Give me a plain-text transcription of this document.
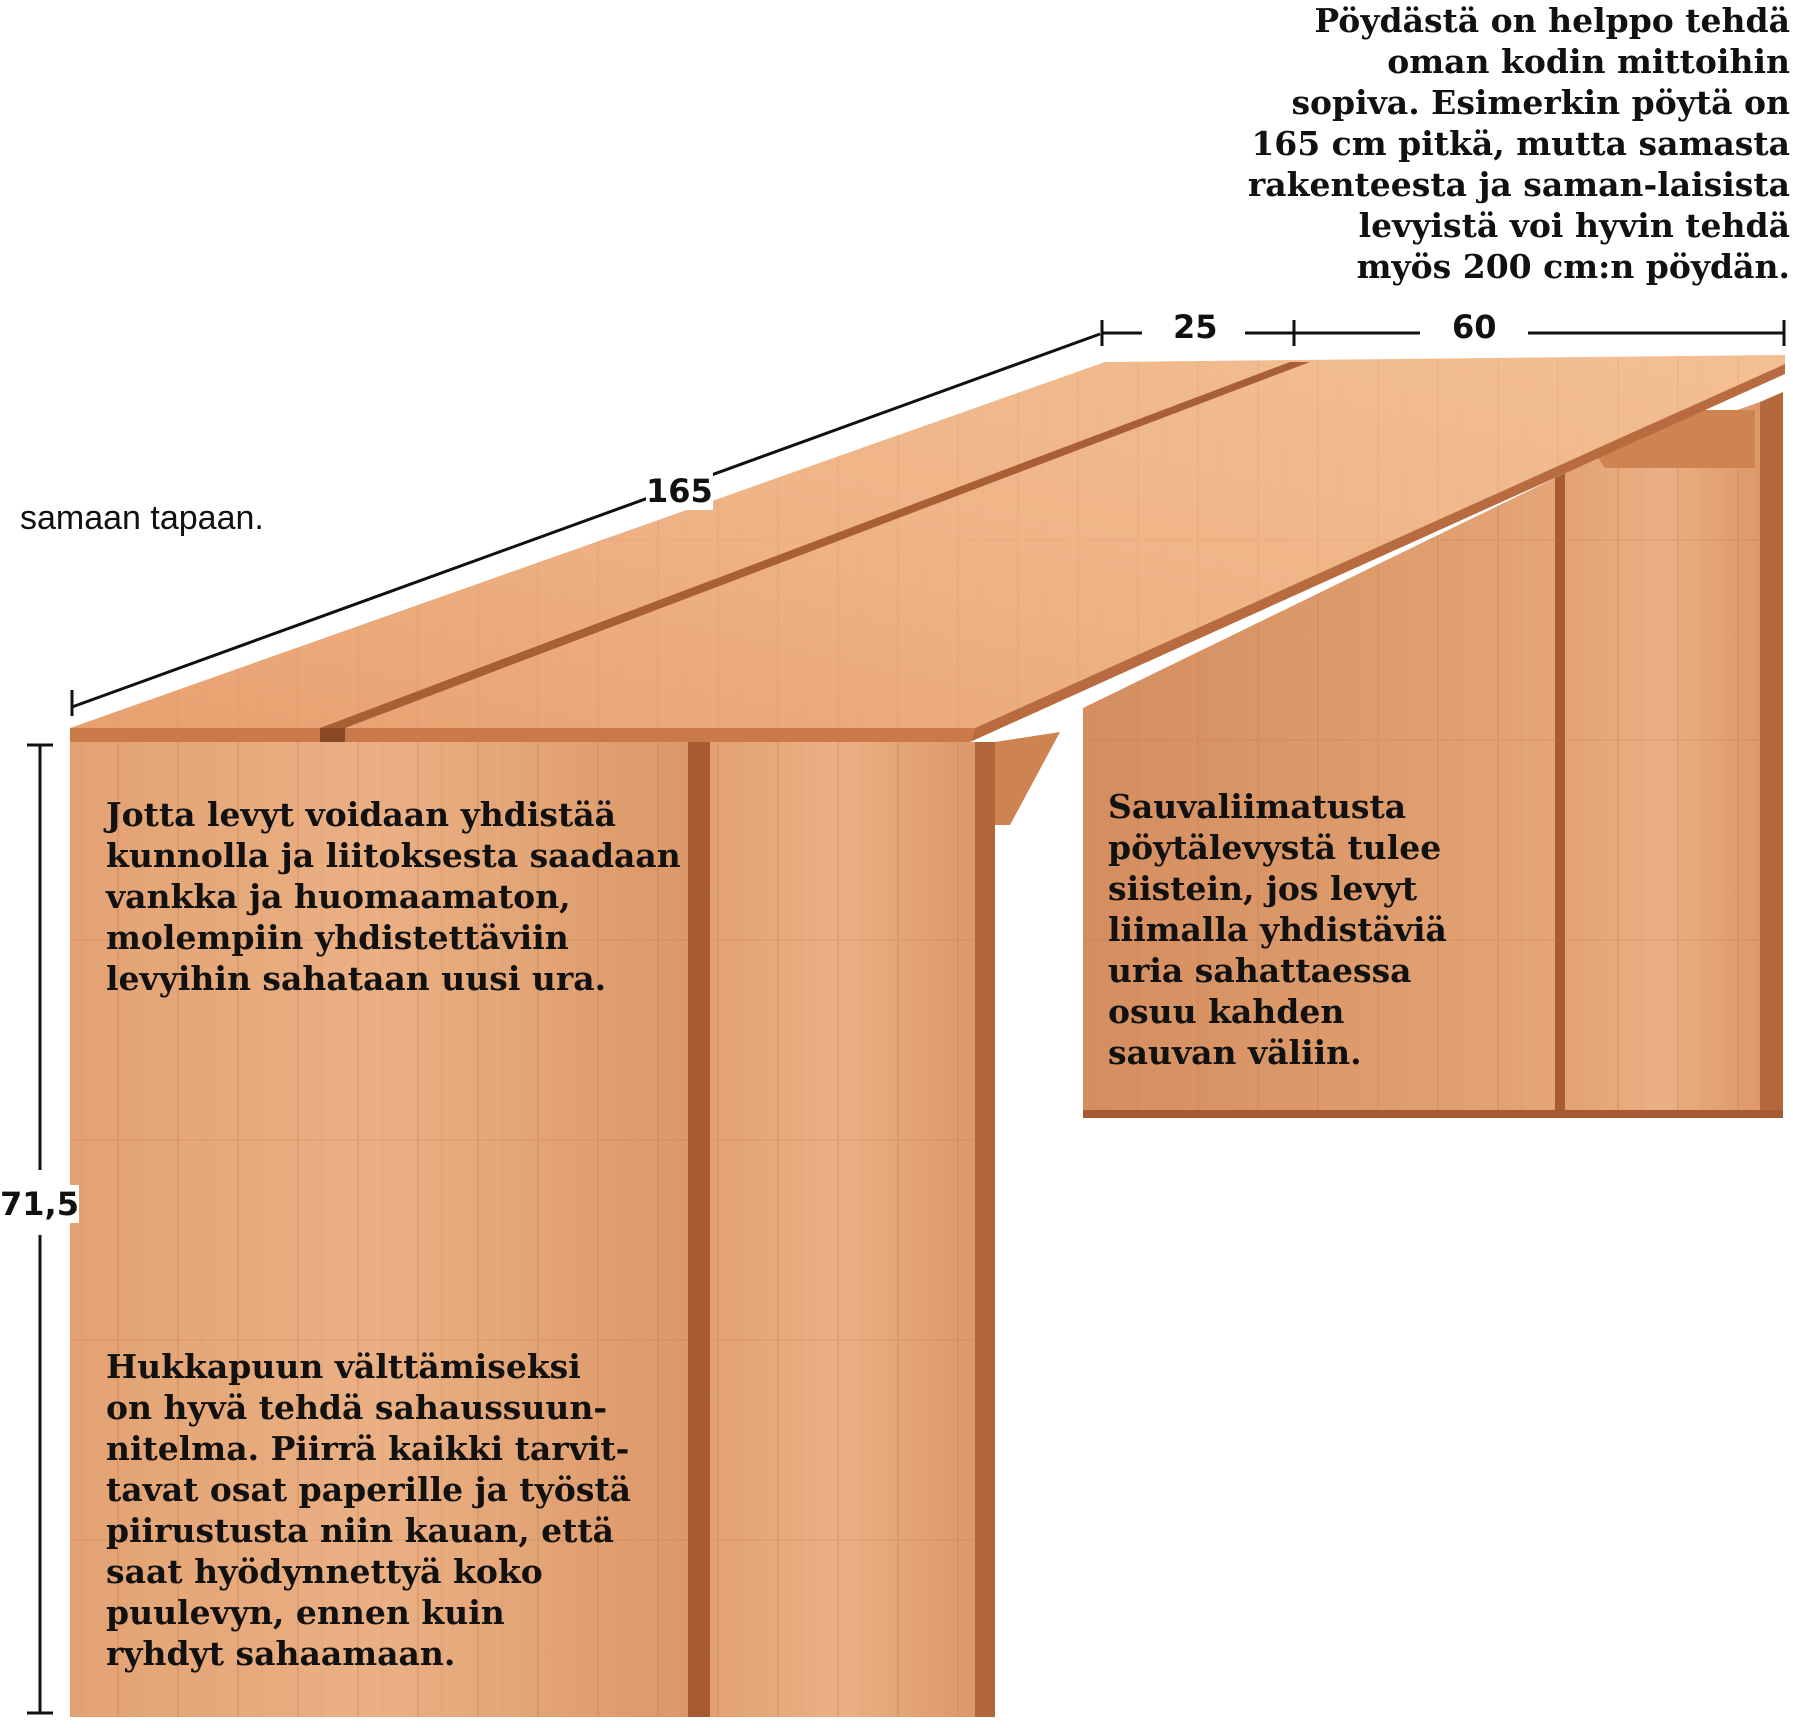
25	60

165

71,5

Pöydästä on helppo tehdä
oman kodin mittoihin
sopiva. Esimerkin pöytä on
165 cm pitkä, mutta samasta
rakenteesta ja saman-laisista
levyistä voi hyvin tehdä
myös 200 cm:n pöydän.

samaan tapaan.

Jotta levyt voidaan yhdistää
kunnolla ja liitoksesta saadaan
vankka ja huomaamaton,
molempiin yhdistettäviin
levyihin sahataan uusi ura.
Sauvaliimatusta
pöytälevystä tulee
siistein, jos levyt
liimalla yhdistäviä
uria sahattaessa
osuu kahden
sauvan väliin.
Hukkapuun välttämiseksi
on hyvä tehdä sahaussuun-
nitelma. Piirrä kaikki tarvit-
tavat osat paperille ja työstä
piirustusta niin kauan, että
saat hyödynnettyä koko
puulevyn, ennen kuin
ryhdyt sahaamaan.
